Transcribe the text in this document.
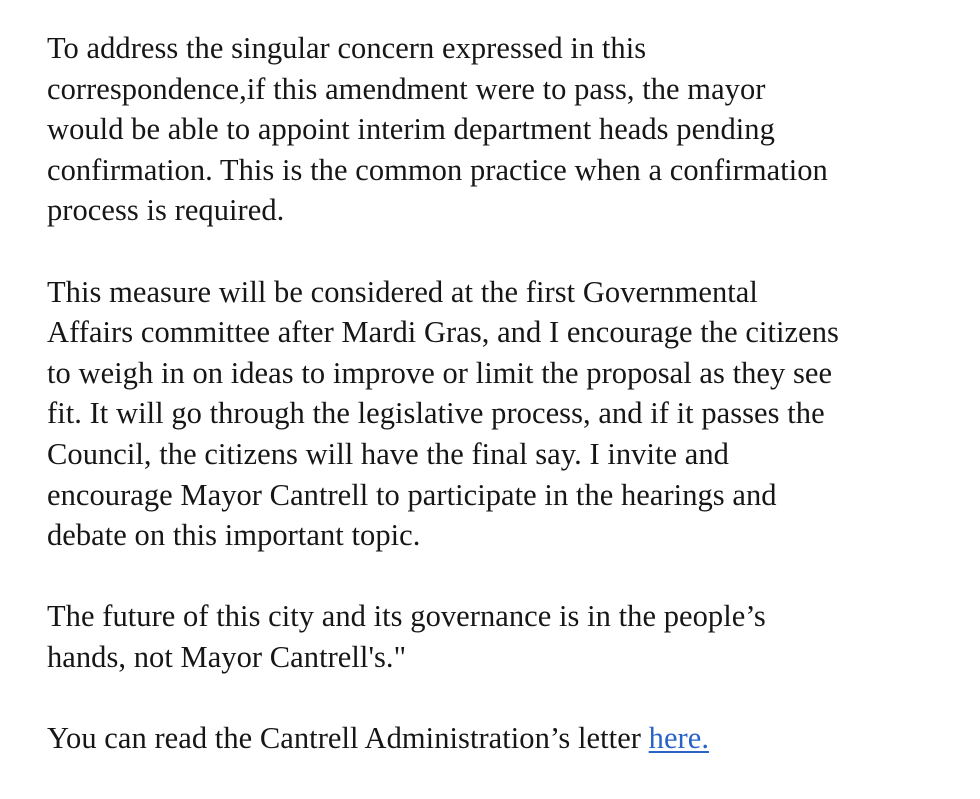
To address the singular concern expressed in this
correspondence,if this amendment were to pass, the mayor
would be able to appoint interim department heads pending
confirmation. This is the common practice when a confirmation
process is required.

This measure will be considered at the first Governmental
Affairs committee after Mardi Gras, and I encourage the citizens
to weigh in on ideas to improve or limit the proposal as they see
fit. It will go through the legislative process, and if it passes the
Council, the citizens will have the final say. I invite and
encourage Mayor Cantrell to participate in the hearings and
debate on this important topic.

The future of this city and its governance is in the people’s
hands, not Mayor Cantrell's."

You can read the Cantrell Administration’s letter here.
